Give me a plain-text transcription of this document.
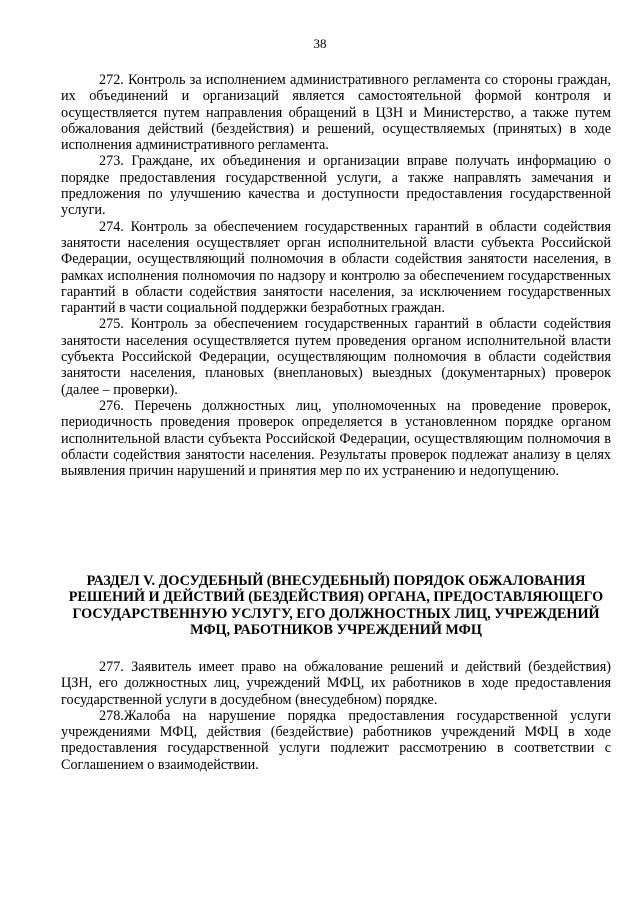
38

272. Контроль за исполнением административного регламента со стороны граждан, их объединений и организаций является самостоятельной формой контроля и осуществляется путем направления обращений в ЦЗН и Министерство, а также путем обжалования действий (бездействия) и решений, осуществляемых (принятых) в ходе исполнения административного регламента.

273. Граждане, их объединения и организации вправе получать информацию о порядке предоставления государственной услуги, а также направлять замечания и предложения по улучшению качества и доступности предоставления государственной услуги.

274. Контроль за обеспечением государственных гарантий в области содействия занятости населения осуществляет орган исполнительной власти субъекта Российской Федерации, осуществляющий полномочия в области содействия занятости населения, в рамках исполнения полномочия по надзору и контролю за обеспечением государственных гарантий в области содействия занятости населения, за исключением государственных гарантий в части социальной поддержки безработных граждан.

275. Контроль за обеспечением государственных гарантий в области содействия занятости населения осуществляется путем проведения органом исполнительной власти субъекта Российской Федерации, осуществляющим полномочия в области содействия занятости населения, плановых (внеплановых) выездных (документарных) проверок (далее – проверки).

276. Перечень должностных лиц, уполномоченных на проведение проверок, периодичность проведения проверок определяется в установленном порядке органом исполнительной власти субъекта Российской Федерации, осуществляющим полномочия в области содействия занятости населения. Результаты проверок подлежат анализу в целях выявления причин нарушений и принятия мер по их устранению и недопущению.

РАЗДЕЛ V. ДОСУДЕБНЫЙ (ВНЕСУДЕБНЫЙ) ПОРЯДОК ОБЖАЛОВАНИЯ РЕШЕНИЙ И ДЕЙСТВИЙ (БЕЗДЕЙСТВИЯ) ОРГАНА, ПРЕДОСТАВЛЯЮЩЕГО ГОСУДАРСТВЕННУЮ УСЛУГУ, ЕГО ДОЛЖНОСТНЫХ ЛИЦ, УЧРЕЖДЕНИЙ МФЦ, РАБОТНИКОВ УЧРЕЖДЕНИЙ МФЦ

277. Заявитель имеет право на обжалование решений и действий (бездействия) ЦЗН, его должностных лиц, учреждений МФЦ, их работников в ходе предоставления государственной услуги в досудебном (внесудебном) порядке.

278.Жалоба на нарушение порядка предоставления государственной услуги учреждениями МФЦ, действия (бездействие) работников учреждений МФЦ в ходе предоставления государственной услуги подлежит рассмотрению в соответствии с Соглашением о взаимодействии.
